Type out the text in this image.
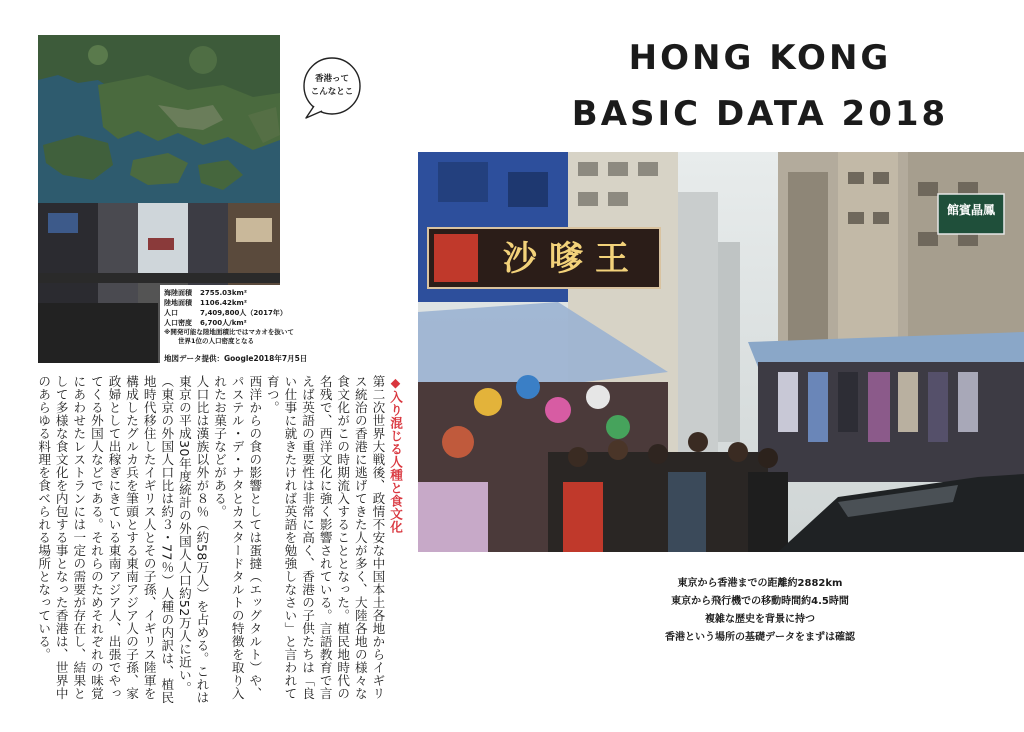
海陸面積	2755.03km²
陸地面積	1106.42km²
人口	7,409,800人（2017年）
人口密度	6,700人/km²
※開発可能な陸地面積比ではマカオを抜いて
世界1位の人口密度となる
地図データ提供：Google2018年7月5日
香港って
こんなとこ

◆入り混じる人種と食文化

第二次世界大戦後、政情不安な中国本土各地からイギリス統治の香港に逃げてきた人が多く、大陸各地の様々な食文化がこの時期流入することとなった。植民地時代の名残で、西洋文化に強く影響されている。言語教育で言えば英語の重要性は非常に高く、香港の子供たちは「良い仕事に就きたければ英語を勉強しなさい」と言われて育つ。

西洋からの食の影響としては蛋撻（エッグタルト）や、パステル・デ・ナタとカスタードタルトの特徴を取り入れたお菓子などがある。

人口比は漢族以外が８％（約58万人）を占める。これは東京の平成30年度統計の外国人人口約52万人に近い。（東京の外国人口比は約３・77％）人種の内訳は、植民地時代移住したイギリス人とその子孫、イギリス陸軍を構成したグルカ兵を筆頭とする東南アジア人の子孫、家政婦として出稼ぎにきている東南アジア人、出張でやってくる外国人などである。それらのためそれぞれの味覚にあわせたレストランには一定の需要が存在し、結果として多様な食文化を内包する事となった香港は、世界中のあらゆる料理を食べられる場所となっている。

HONG KONG
BASIC DATA 2018
沙嗲王
館賓晶鳳
東京から香港までの距離約2882km
東京から飛行機での移動時間約4.5時間
複雑な歴史を背景に持つ
香港という場所の基礎データをまずは確認
